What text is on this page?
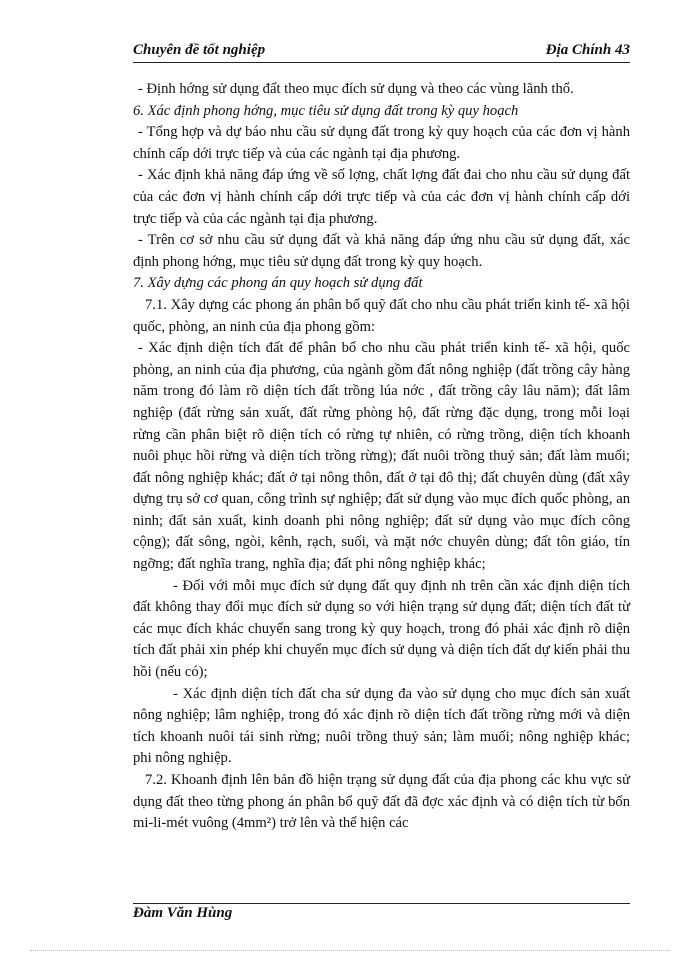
Chuyên đề tốt nghiệp	Địa Chính 43

- Định hớng sử dụng đất theo mục đích sử dụng và theo các vùng lãnh thổ.

6. Xác định phong hớng, mục tiêu sử dụng đất trong kỳ quy hoạch

- Tổng hợp và dự báo nhu cầu sử dụng đất trong kỳ quy hoạch của các đơn vị hành chính cấp dới trực tiếp và của các ngành tại địa phương.

- Xác định khả năng đáp ứng về số lợng, chất lợng đất đai cho nhu cầu sử dụng đất của các đơn vị hành chính cấp dới trực tiếp và của các đơn vị hành chính cấp dới trực tiếp và của các ngành tại địa phương.

- Trên cơ sở nhu cầu sử dụng đất và khả năng đáp ứng nhu cầu sử dụng đất, xác định phong hớng, mục tiêu sử dụng đất trong kỳ quy hoạch.

7. Xây dựng các phong án quy hoạch sử dụng đất

7.1. Xây dựng các phong án phân bổ quỹ đất cho nhu cầu phát triển kinh tế- xã hội quốc, phòng, an ninh của địa phong gồm:

- Xác định diện tích đất để phân bổ cho nhu cầu phát triển kinh tế- xã hội, quốc phòng, an ninh của địa phương, của ngành gồm đất nông nghiệp (đất trồng cây hàng năm trong đó làm rõ diện tích đất trồng lúa nớc , đất trồng cây lâu năm); đất lâm nghiệp (đất rừng sản xuất, đất rừng phòng hộ, đất rừng đặc dụng, trong mỗi loại rừng cần phân biệt rõ diện tích có rừng tự nhiên, có rừng trồng, diện tích khoanh nuôi phục hồi rừng và diện tích trồng rừng); đất nuôi trồng thuỷ sản; đất làm muối; đất nông nghiệp khác; đất ở tại nông thôn, đất ở tại đô thị; đất chuyên dùng (đất xây dựng trụ sở cơ quan, công trình sự nghiệp; đất sử dụng vào mục đích quốc phòng, an ninh; đất sản xuất, kinh doanh phi nông nghiệp; đất sử dụng vào mục đích công cộng); đất sông, ngòi, kênh, rạch, suối, và mặt nớc chuyên dùng; đất tôn giáo, tín ngỡng; đất nghĩa trang, nghĩa địa; đất phi nông nghiệp khác;

- Đối với mỗi mục đích sử dụng đất quy định nh trên cần xác định diện tích đất không thay đổi mục đích sử dụng so với hiện trạng sử dụng đất; diện tích đất từ các mục đích khác chuyển sang trong kỳ quy hoạch, trong đó phải xác định rõ diện tích đất phải xin phép khi chuyển mục đích sử dụng và diện tích đất dự kiến phải thu hồi (nếu có);

- Xác định diện tích đất cha sử dụng đa vào sử dụng cho mục đích sản xuất nông nghiệp; lâm nghiệp, trong đó xác định rõ diện tích đất trồng rừng mới và diện tích khoanh nuôi tái sinh rừng; nuôi trồng thuỷ sản; làm muối; nông nghiệp khác; phi nông nghiệp.

7.2. Khoanh định lên bản đồ hiện trạng sử dụng đất của địa phong các khu vực sử dụng đất theo từng phong án phân bổ quỹ đất đã đợc xác định và có diện tích từ bốn mi-li-mét vuông (4mm²) trở lên và thể hiện các

Đàm Văn Hùng
